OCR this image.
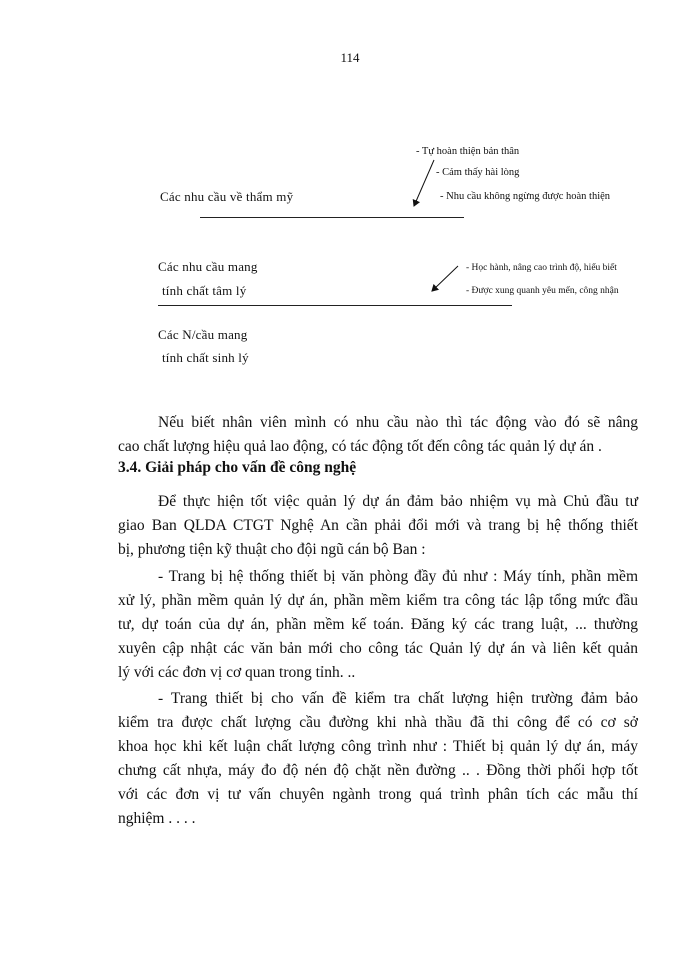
114
- Tự hoàn thiện bản thân
- Cảm thấy hài lòng
- Nhu cầu không ngừng được hoàn thiện
Các nhu cầu về thẩm mỹ
Các nhu cầu mang
tính chất tâm lý
- Học hành, nâng cao trình độ, hiểu biết
- Được xung quanh yêu mến, công nhận
Các N/cầu mang
tính chất sinh lý
Nếu biết nhân viên mình có nhu cầu nào thì tác động vào đó sẽ nâng
cao chất lượng hiệu quả lao động, có tác động tốt đến công tác quản lý dự án .
3.4. Giải pháp cho vấn đề công nghệ
Để thực hiện tốt việc quản lý dự án đảm bảo nhiệm vụ mà Chủ đầu tư
giao Ban QLDA CTGT Nghệ An cần phải đổi mới và trang bị hệ thống thiết
bị, phương tiện kỹ thuật cho đội ngũ cán bộ Ban :
- Trang bị hệ thống thiết bị văn phòng đầy đủ như : Máy tính, phần mềm
xử lý, phần mềm quản lý dự án, phần mềm kiểm tra công tác lập tổng mức đầu
tư, dự toán của dự án, phần mềm kế toán. Đăng ký các trang luật, ... thường
xuyên cập nhật các văn bản mới cho công tác Quản lý dự án và liên kết quản
lý với các đơn vị cơ quan trong tỉnh. ..
- Trang thiết bị cho vấn đề kiểm tra chất lượng hiện trường đảm bảo
kiểm tra được chất lượng cầu đường khi nhà thầu đã thi công để có cơ sở
khoa học khi kết luận chất lượng công trình như : Thiết bị quản lý dự án, máy
chưng cất nhựa, máy đo độ nén độ chặt nền đường .. . Đồng thời phối hợp tốt
với các đơn vị tư vấn chuyên ngành trong quá trình phân tích các mẫu thí
nghiệm . . . .
